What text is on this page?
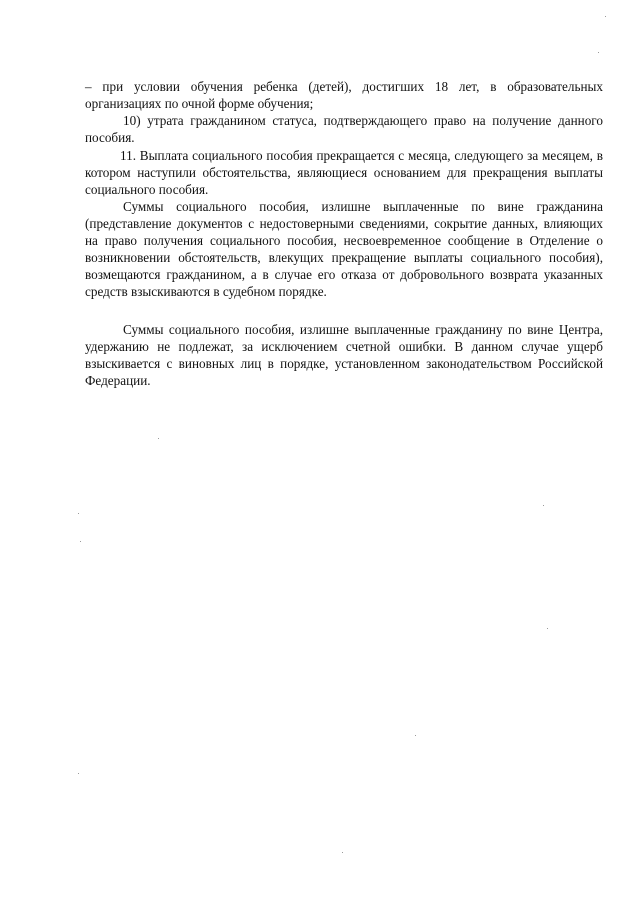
– при условии обучения ребенка (детей), достигших 18 лет, в образовательных организациях по очной форме обучения;

10) утрата гражданином статуса, подтверждающего право на получение данного пособия.

11. Выплата социального пособия прекращается с месяца, следующего за месяцем, в котором наступили обстоятельства, являющиеся основанием для прекращения выплаты социального пособия.

Суммы социального пособия, излишне выплаченные по вине гражданина (представление документов с недостоверными сведениями, сокрытие данных, влияющих на право получения социального пособия, несвоевременное сообщение в Отделение о возникновении обстоятельств, влекущих прекращение выплаты социального пособия), возмещаются гражданином, а в случае его отказа от добровольного возврата указанных средств взыскиваются в судебном порядке.

Суммы социального пособия, излишне выплаченные гражданину по вине Центра, удержанию не подлежат, за исключением счетной ошибки. В данном случае ущерб взыскивается с виновных лиц в порядке, установленном законодательством Российской Федерации.
